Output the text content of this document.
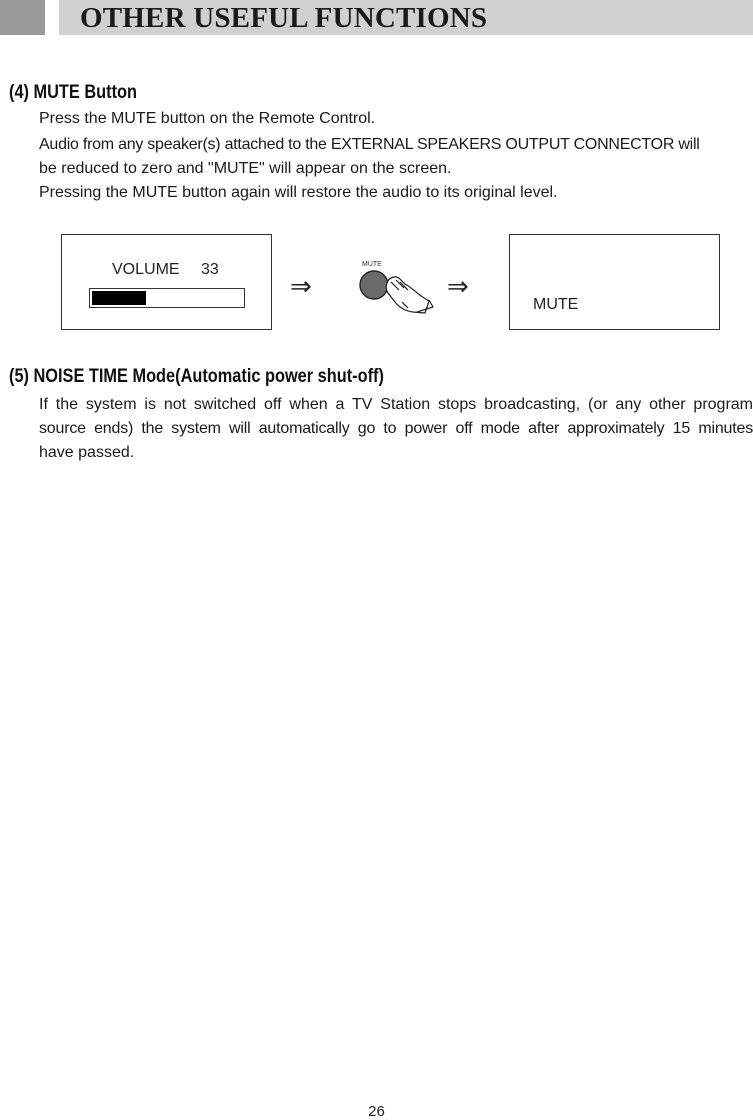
OTHER USEFUL FUNCTIONS
(4) MUTE Button

Press the MUTE button on the Remote Control.

Audio from any speaker(s) attached to the EXTERNAL SPEAKERS OUTPUT CONNECTOR will

be reduced to zero and "MUTE" will appear on the screen.

Pressing the MUTE button again will restore the audio to its original level.

VOLUME 33
⇒
MUTE
⇒
MUTE
(5) NOISE TIME Mode(Automatic power shut-off)

If the system is not switched off when a TV Station stops broadcasting, (or any other program

source ends) the system will automatically go to power off mode after approximately 15 minutes

have passed.

26
